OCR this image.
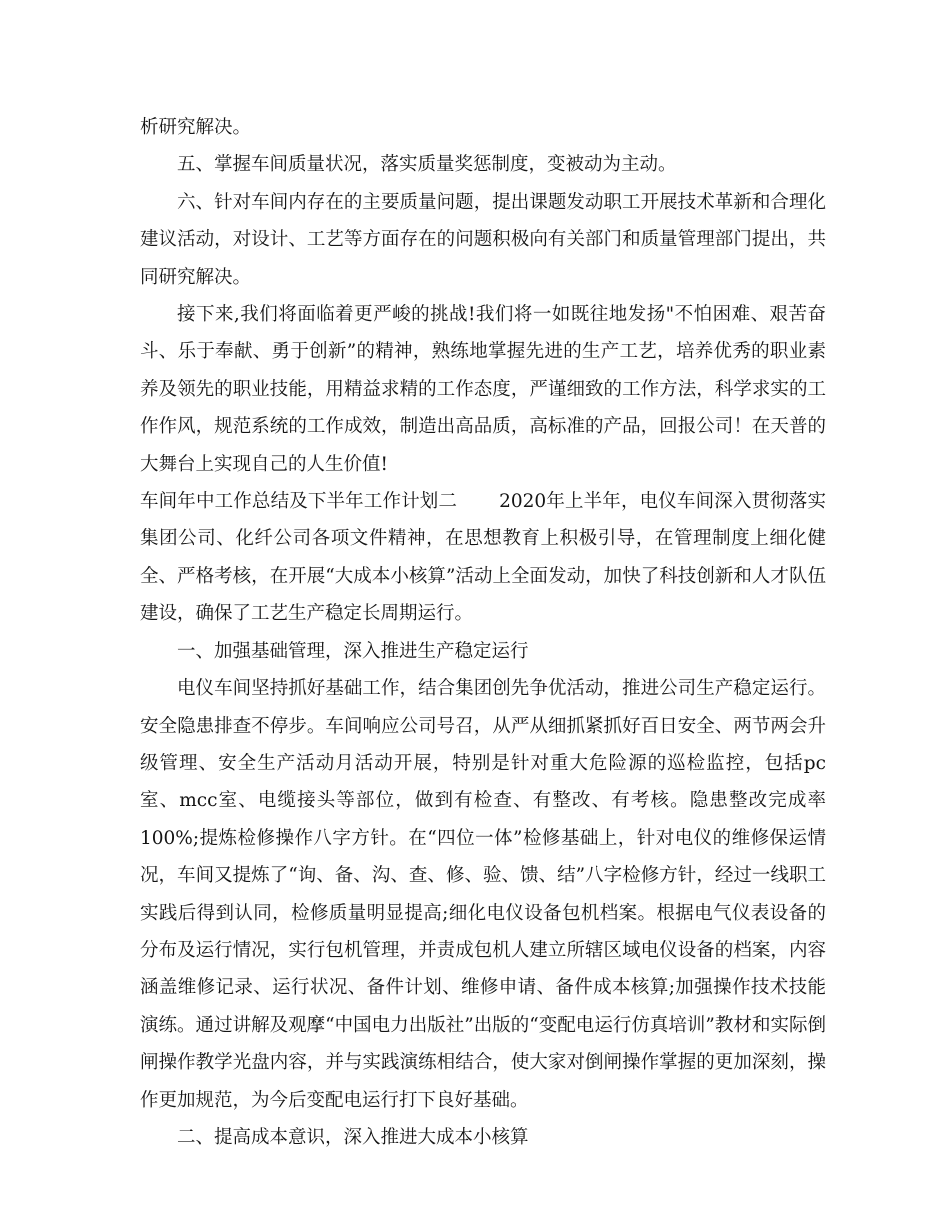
析研究解决。

五、掌握车间质量状况，落实质量奖惩制度，变被动为主动。

六、针对车间内存在的主要质量问题，提出课题发动职工开展技术革新和合理化建议活动，对设计、工艺等方面存在的问题积极向有关部门和质量管理部门提出，共同研究解决。

接下来,我们将面临着更严峻的挑战!我们将一如既往地发扬"不怕困难、艰苦奋斗、乐于奉献、勇于创新”的精神，熟练地掌握先进的生产工艺，培养优秀的职业素养及领先的职业技能，用精益求精的工作态度，严谨细致的工作方法，科学求实的工作作风，规范系统的工作成效，制造出高品质，高标准的产品，回报公司！在天普的大舞台上实现自己的人生价值!

车间年中工作总结及下半年工作计划二 2020年上半年，电仪车间深入贯彻落实集团公司、化纤公司各项文件精神，在思想教育上积极引导，在管理制度上细化健全、严格考核，在开展“大成本小核算”活动上全面发动，加快了科技创新和人才队伍建设，确保了工艺生产稳定长周期运行。

一、加强基础管理，深入推进生产稳定运行

电仪车间坚持抓好基础工作，结合集团创先争优活动，推进公司生产稳定运行。安全隐患排查不停步。车间响应公司号召，从严从细抓紧抓好百日安全、两节两会升级管理、安全生产活动月活动开展，特别是针对重大危险源的巡检监控，包括pc室、mcc室、电缆接头等部位，做到有检查、有整改、有考核。隐患整改完成率100%;提炼检修操作八字方针。在“四位一体”检修基础上，针对电仪的维修保运情况，车间又提炼了“询、备、沟、查、修、验、馈、结”八字检修方针，经过一线职工实践后得到认同，检修质量明显提高;细化电仪设备包机档案。根据电气仪表设备的分布及运行情况，实行包机管理，并责成包机人建立所辖区域电仪设备的档案，内容涵盖维修记录、运行状况、备件计划、维修申请、备件成本核算;加强操作技术技能演练。通过讲解及观摩“中国电力出版社”出版的“变配电运行仿真培训”教材和实际倒闸操作教学光盘内容，并与实践演练相结合，使大家对倒闸操作掌握的更加深刻，操作更加规范，为今后变配电运行打下良好基础。

二、提高成本意识，深入推进大成本小核算
